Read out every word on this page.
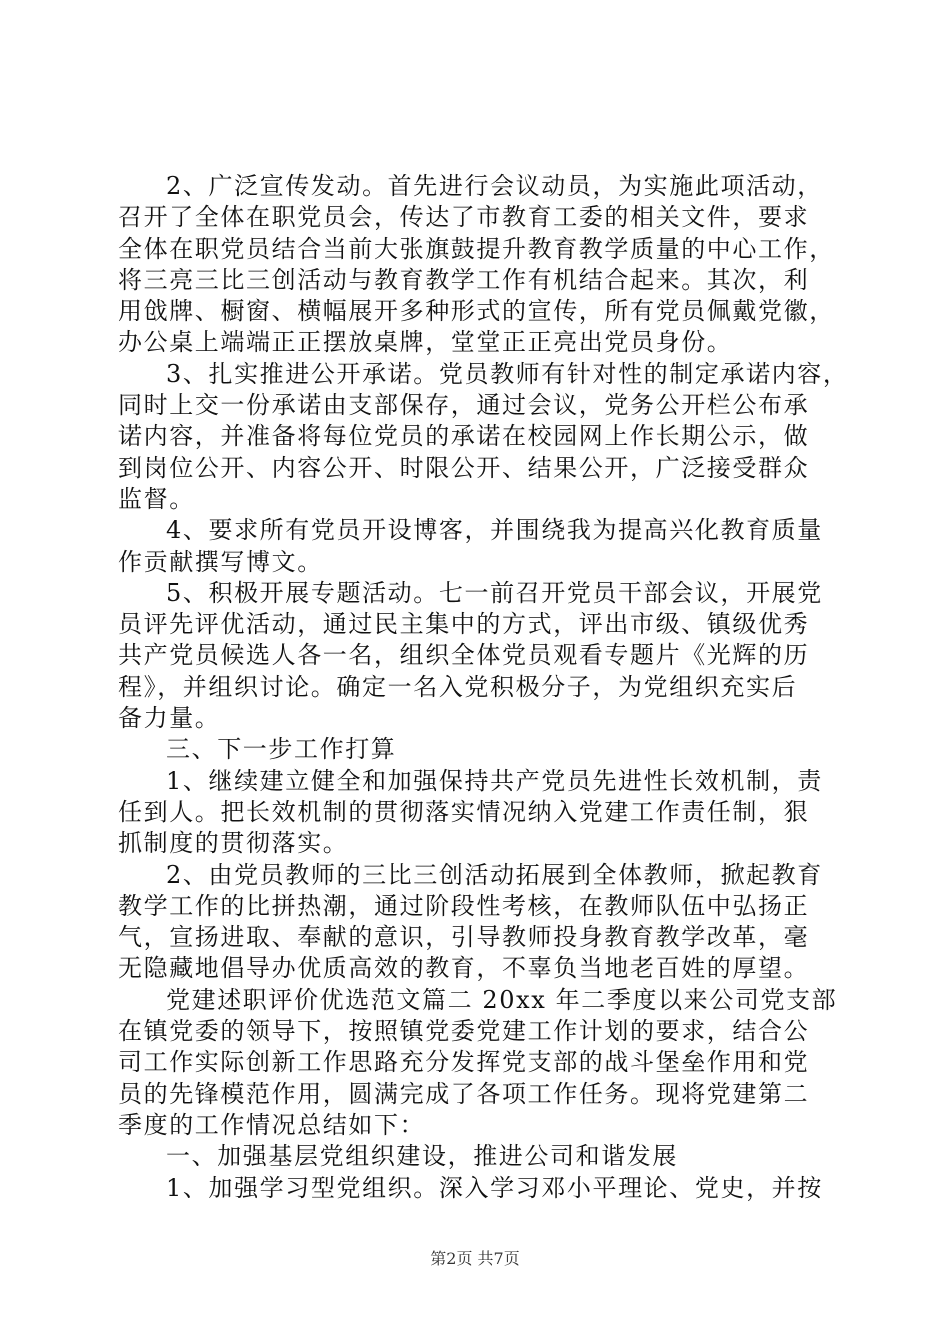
2、广泛宣传发动。首先进行会议动员，为实施此项活动，
召开了全体在职党员会，传达了市教育工委的相关文件，要求
全体在职党员结合当前大张旗鼓提升教育教学质量的中心工作，
将三亮三比三创活动与教育教学工作有机结合起来。其次，利
用戗牌、橱窗、横幅展开多种形式的宣传，所有党员佩戴党徽，
办公桌上端端正正摆放桌牌，堂堂正正亮出党员身份。
3、扎实推进公开承诺。党员教师有针对性的制定承诺内容，
同时上交一份承诺由支部保存，通过会议，党务公开栏公布承
诺内容，并准备将每位党员的承诺在校园网上作长期公示，做
到岗位公开、内容公开、时限公开、结果公开，广泛接受群众
监督。
4、要求所有党员开设博客，并围绕我为提高兴化教育质量
作贡献撰写博文。
5、积极开展专题活动。七一前召开党员干部会议，开展党
员评先评优活动，通过民主集中的方式，评出市级、镇级优秀
共产党员候选人各一名，组织全体党员观看专题片《光辉的历
程》，并组织讨论。确定一名入党积极分子，为党组织充实后
备力量。
三、下一步工作打算
1、继续建立健全和加强保持共产党员先进性长效机制，责
任到人。把长效机制的贯彻落实情况纳入党建工作责任制，狠
抓制度的贯彻落实。
2、由党员教师的三比三创活动拓展到全体教师，掀起教育
教学工作的比拼热潮，通过阶段性考核，在教师队伍中弘扬正
气，宣扬进取、奉献的意识，引导教师投身教育教学改革，毫
无隐藏地倡导办优质高效的教育，不辜负当地老百姓的厚望。
党建述职评价优选范文篇二 20xx 年二季度以来公司党支部
在镇党委的领导下，按照镇党委党建工作计划的要求，结合公
司工作实际创新工作思路充分发挥党支部的战斗堡垒作用和党
员的先锋模范作用，圆满完成了各项工作任务。现将党建第二
季度的工作情况总结如下：
一、加强基层党组织建设，推进公司和谐发展
1、加强学习型党组织。深入学习邓小平理论、党史，并按
第2页 共7页
